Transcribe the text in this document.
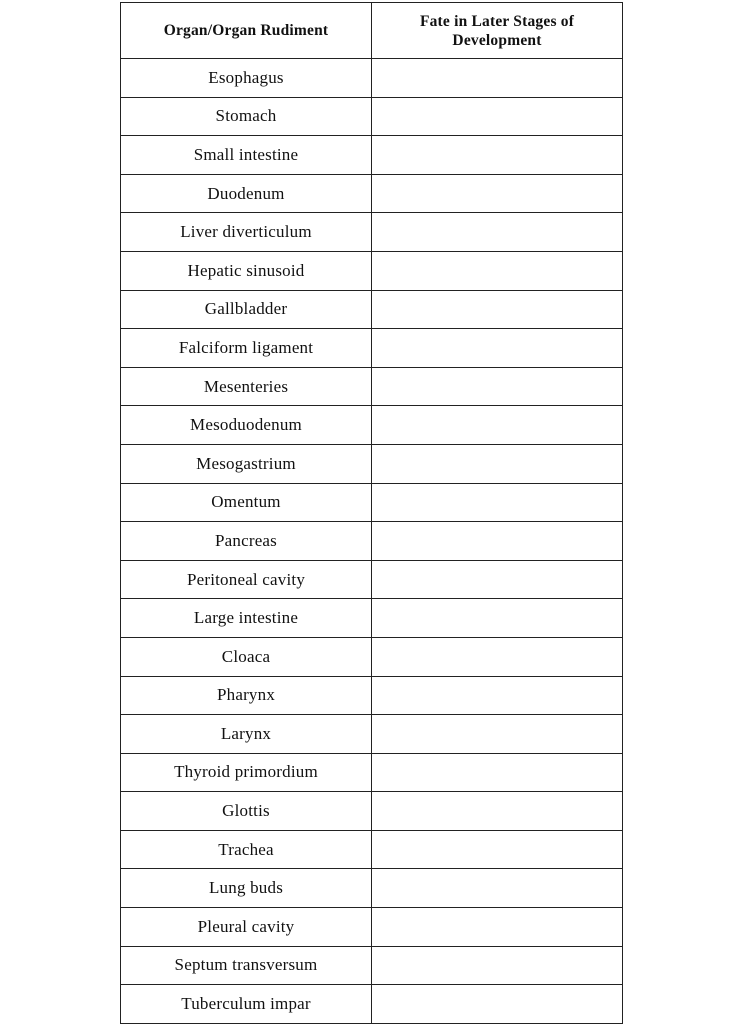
Organ/Organ Rudiment	Fate in Later Stages of Development
Esophagus	
Stomach	
Small intestine	
Duodenum	
Liver diverticulum	
Hepatic sinusoid	
Gallbladder	
Falciform ligament	
Mesenteries	
Mesoduodenum	
Mesogastrium	
Omentum	
Pancreas	
Peritoneal cavity	
Large intestine	
Cloaca	
Pharynx	
Larynx	
Thyroid primordium	
Glottis	
Trachea	
Lung buds	
Pleural cavity	
Septum transversum	
Tuberculum impar	
